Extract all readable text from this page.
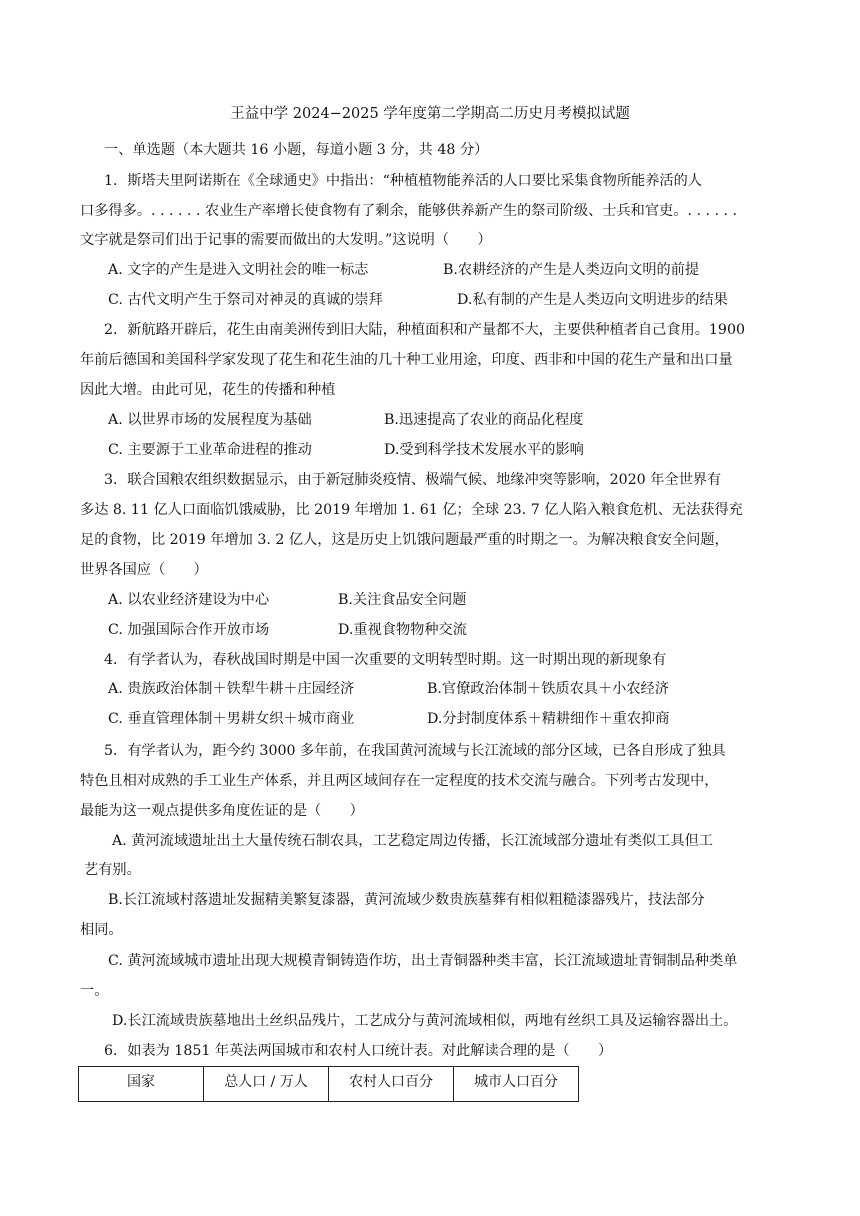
王益中学 2024−2025 学年度第二学期高二历史月考模拟试题
一、单选题（本大题共 16 小题，每道小题 3 分，共 48 分）
1．斯塔夫里阿诺斯在《全球通史》中指出：“种植植物能养活的人口要比采集食物所能养活的人
口多得多。. . . . . . 农业生产率增长使食物有了剩余，能够供养新产生的祭司阶级、士兵和官吏。. . . . . .
文字就是祭司们出于记事的需要而做出的大发明。”这说明（　　）
A. 文字的产生是进入文明社会的唯一标志	B.农耕经济的产生是人类迈向文明的前提
C. 古代文明产生于祭司对神灵的真诚的崇拜	D.私有制的产生是人类迈向文明进步的结果
2．新航路开辟后，花生由南美洲传到旧大陆，种植面积和产量都不大，主要供种植者自己食用。1900
年前后德国和美国科学家发现了花生和花生油的几十种工业用途，印度、西非和中国的花生产量和出口量
因此大增。由此可见，花生的传播和种植
A. 以世界市场的发展程度为基础	B.迅速提高了农业的商品化程度
C. 主要源于工业革命进程的推动	D.受到科学技术发展水平的影响
3．联合国粮农组织数据显示，由于新冠肺炎疫情、极端气候、地缘冲突等影响，2020 年全世界有
多达 8. 11 亿人口面临饥饿威胁，比 2019 年增加 1. 61 亿；全球 23. 7 亿人陷入粮食危机、无法获得充
足的食物，比 2019 年增加 3. 2 亿人，这是历史上饥饿问题最严重的时期之一。为解决粮食安全问题，
世界各国应（　　）
A. 以农业经济建设为中心	B.关注食品安全问题
C. 加强国际合作开放市场	D.重视食物物种交流
4．有学者认为，春秋战国时期是中国一次重要的文明转型时期。这一时期出现的新现象有
A. 贵族政治体制＋铁犁牛耕＋庄园经济	B.官僚政治体制＋铁质农具＋小农经济
C. 垂直管理体制＋男耕女织＋城市商业	D.分封制度体系＋精耕细作＋重农抑商
5．有学者认为，距今约 3000 多年前，在我国黄河流域与长江流域的部分区域，已各自形成了独具
特色且相对成熟的手工业生产体系，并且两区域间存在一定程度的技术交流与融合。下列考古发现中，
最能为这一观点提供多角度佐证的是（　　）
A. 黄河流域遗址出土大量传统石制农具，工艺稳定周边传播，长江流域部分遗址有类似工具但工
艺有别。
B.长江流域村落遗址发掘精美繁复漆器，黄河流域少数贵族墓葬有相似粗糙漆器残片，技法部分
相同。
C. 黄河流域城市遗址出现大规模青铜铸造作坊，出土青铜器种类丰富，长江流域遗址青铜制品种类单
一。
D.长江流域贵族墓地出土丝织品残片，工艺成分与黄河流域相似，两地有丝织工具及运输容器出土。
6．如表为 1851 年英法两国城市和农村人口统计表。对此解读合理的是（　　）
国家	总人口 / 万人	农村人口百分	城市人口百分
